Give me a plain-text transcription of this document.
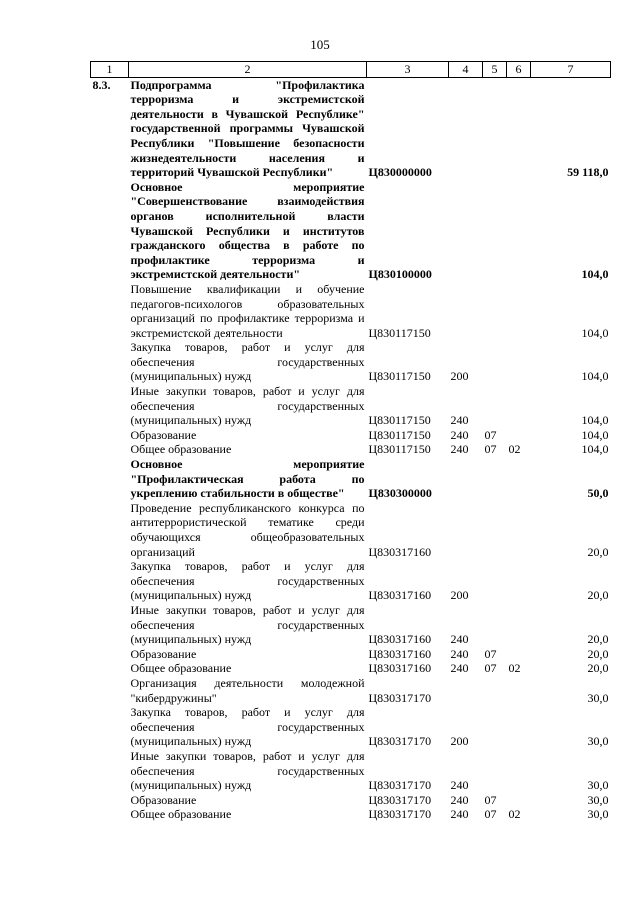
105
1	2	3	4	5	6	7
8.3.	Подпрограмма "Профилактика терроризма и экстремистской деятельности в Чувашской Республике" государственной программы Чувашской Республики "Повышение безопасности жизнедеятельности населения и территорий Чувашской Республики"	Ц830000000				59 118,0
	Основное мероприятие "Совершенствование взаимодействия органов исполнительной власти Чувашской Республики и институтов гражданского общества в работе по профилактике терроризма и экстремистской деятельности"	Ц830100000				104,0
	Повышение квалификации и обучение педагогов-психологов образовательных организаций по профилактике терроризма и экстремистской деятельности	Ц830117150				104,0
	Закупка товаров, работ и услуг для обеспечения государственных (муниципальных) нужд	Ц830117150	200			104,0
	Иные закупки товаров, работ и услуг для обеспечения государственных (муниципальных) нужд	Ц830117150	240			104,0
	Образование	Ц830117150	240	07		104,0
	Общее образование	Ц830117150	240	07	02	104,0
	Основное мероприятие "Профилактическая работа по укреплению стабильности в обществе"	Ц830300000				50,0
	Проведение республиканского конкурса по антитеррористической тематике среди обучающихся общеобразовательных организаций	Ц830317160				20,0
	Закупка товаров, работ и услуг для обеспечения государственных (муниципальных) нужд	Ц830317160	200			20,0
	Иные закупки товаров, работ и услуг для обеспечения государственных (муниципальных) нужд	Ц830317160	240			20,0
	Образование	Ц830317160	240	07		20,0
	Общее образование	Ц830317160	240	07	02	20,0
	Организация деятельности молодежной "кибердружины"	Ц830317170				30,0
	Закупка товаров, работ и услуг для обеспечения государственных (муниципальных) нужд	Ц830317170	200			30,0
	Иные закупки товаров, работ и услуг для обеспечения государственных (муниципальных) нужд	Ц830317170	240			30,0
	Образование	Ц830317170	240	07		30,0
	Общее образование	Ц830317170	240	07	02	30,0
